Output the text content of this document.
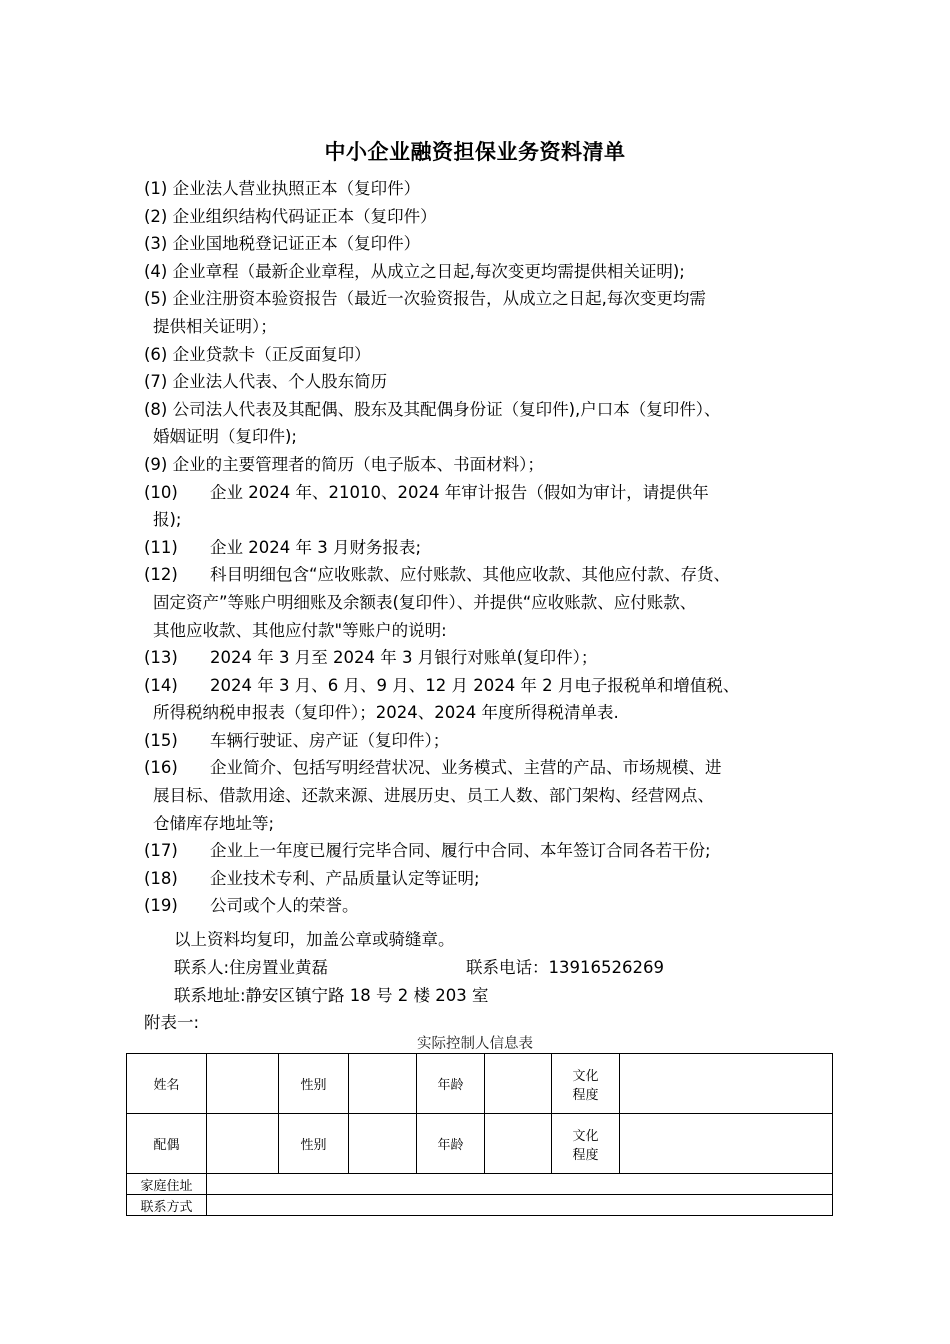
中小企业融资担保业务资料清单
(1) 企业法人营业执照正本（复印件）
(2) 企业组织结构代码证正本（复印件）
(3) 企业国地税登记证正本（复印件）
(4) 企业章程（最新企业章程，从成立之日起,每次变更均需提供相关证明);
(5) 企业注册资本验资报告（最近一次验资报告，从成立之日起,每次变更均需
提供相关证明）；
(6) 企业贷款卡（正反面复印）
(7) 企业法人代表、个人股东简历
(8) 公司法人代表及其配偶、股东及其配偶身份证（复印件),户口本（复印件）、
婚姻证明（复印件);
(9) 企业的主要管理者的简历（电子版本、书面材料）；
(10)	企业 2024 年、21010、2024 年审计报告（假如为审计，请提供年
报);
(11)	企业 2024 年 3 月财务报表;
(12)	科目明细包含“应收账款、应付账款、其他应收款、其他应付款、存货、
固定资产”等账户明细账及余额表(复印件）、并提供“应收账款、应付账款、
其他应收款、其他应付款"等账户的说明:
(13)	2024 年 3 月至 2024 年 3 月银行对账单(复印件）；
(14)	2024 年 3 月、6 月、9 月、12 月 2024 年 2 月电子报税单和增值税、
所得税纳税申报表（复印件）；2024、2024 年度所得税清单表.
(15)	车辆行驶证、房产证（复印件）；
(16)	企业简介、包括写明经营状况、业务模式、主营的产品、市场规模、进
展目标、借款用途、还款来源、进展历史、员工人数、部门架构、经营网点、
仓储库存地址等;
(17)	企业上一年度已履行完毕合同、履行中合同、本年签订合同各若干份;
(18)	企业技术专利、产品质量认定等证明;
(19)	公司或个人的荣誉。
以上资料均复印，加盖公章或骑缝章。
联系人:住房置业黄磊	联系电话：13916526269
联系地址:静安区镇宁路 18 号 2 楼 203 室
附表一:
实际控制人信息表
姓名		性别		年龄		文化
程度	
配偶		性别		年龄		文化
程度	
家庭住址							
联系方式							
